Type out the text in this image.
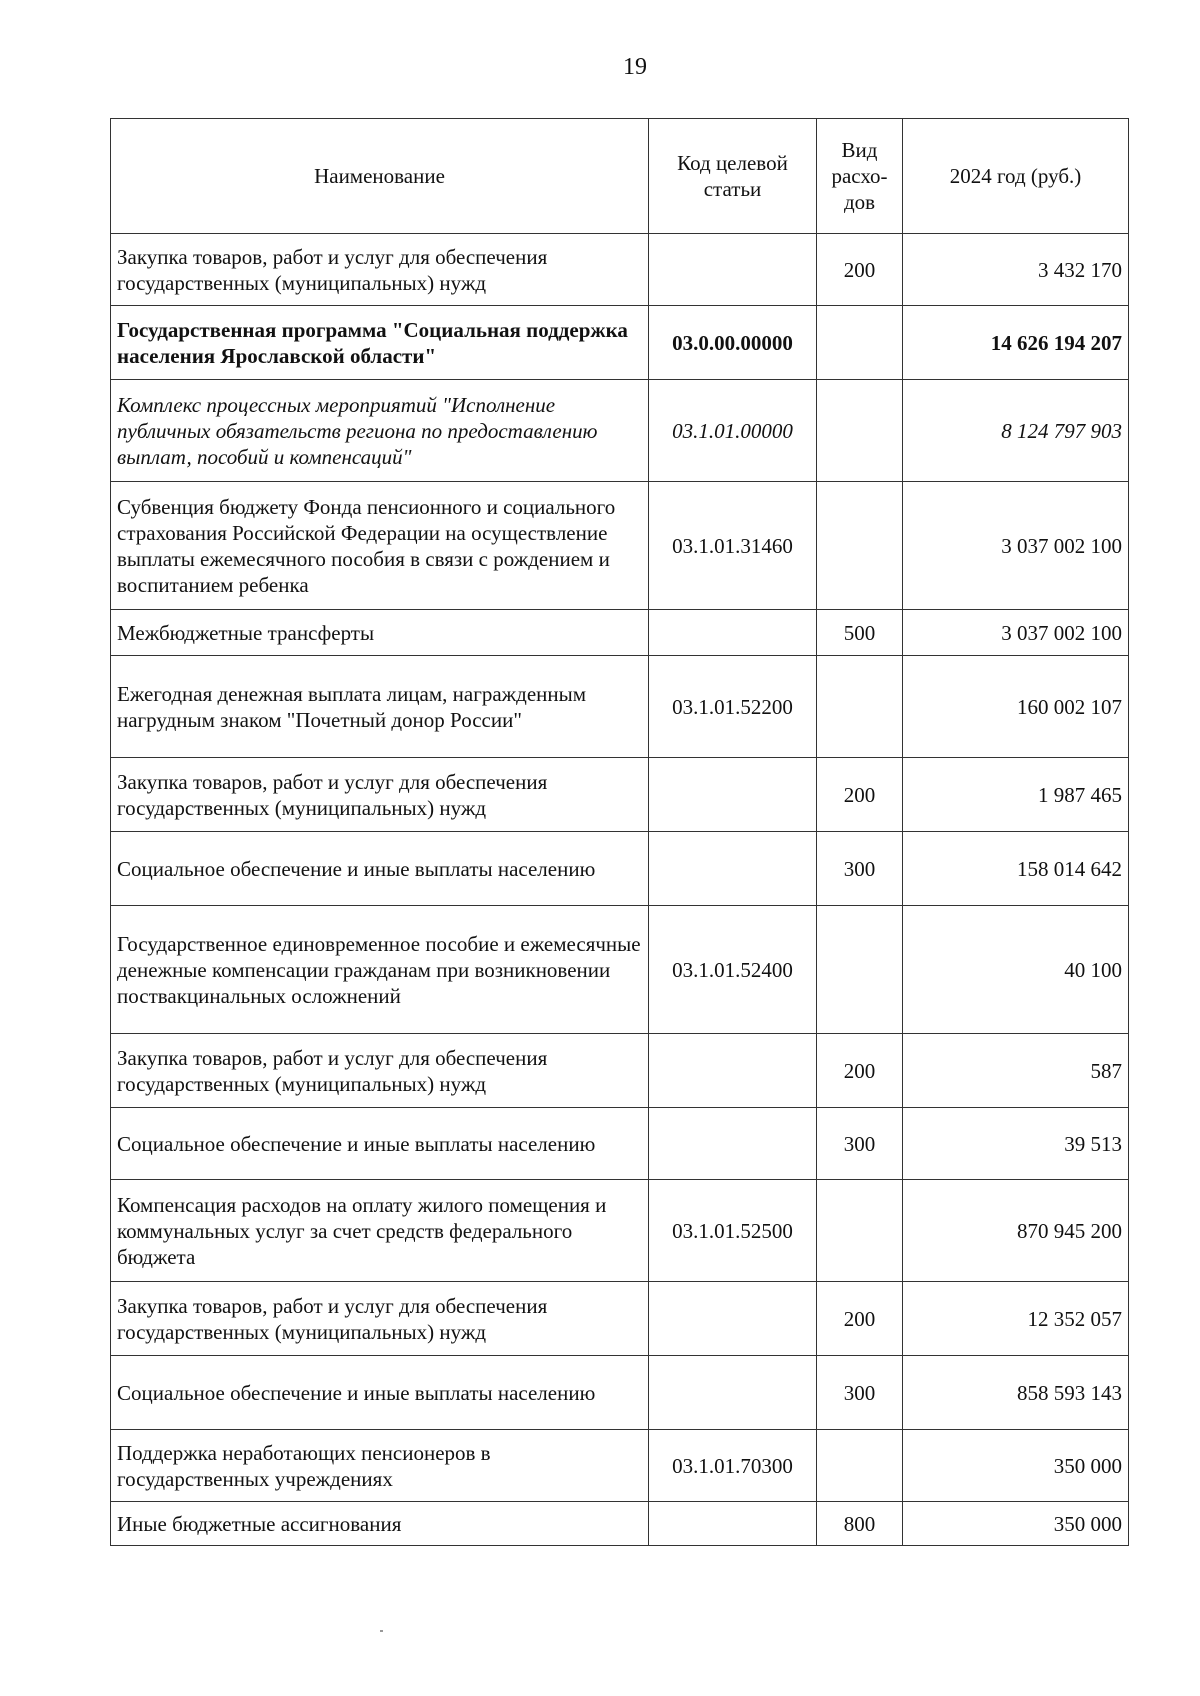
19
Наименование	Код целевой статьи	Вид расхо-дов	2024 год (руб.)
Закупка товаров, работ и услуг для обеспечения государственных (муниципальных) нужд		200	3 432 170
Государственная программа "Социальная поддержка населения Ярославской области"	03.0.00.00000		14 626 194 207
Комплекс процессных мероприятий "Исполнение публичных обязательств региона по предоставлению выплат, пособий и компенсаций"	03.1.01.00000		8 124 797 903
Субвенция бюджету Фонда пенсионного и социального страхования Российской Федерации на осуществление выплаты ежемесячного пособия в связи с рождением и воспитанием ребенка	03.1.01.31460		3 037 002 100
Межбюджетные трансферты		500	3 037 002 100
Ежегодная денежная выплата лицам, награжденным нагрудным знаком "Почетный донор России"	03.1.01.52200		160 002 107
Закупка товаров, работ и услуг для обеспечения государственных (муниципальных) нужд		200	1 987 465
Социальное обеспечение и иные выплаты населению		300	158 014 642
Государственное единовременное пособие и ежемесячные денежные компенсации гражданам при возникновении поствакцинальных осложнений	03.1.01.52400		40 100
Закупка товаров, работ и услуг для обеспечения государственных (муниципальных) нужд		200	587
Социальное обеспечение и иные выплаты населению		300	39 513
Компенсация расходов на оплату жилого помещения и коммунальных услуг за счет средств федерального бюджета	03.1.01.52500		870 945 200
Закупка товаров, работ и услуг для обеспечения государственных (муниципальных) нужд		200	12 352 057
Социальное обеспечение и иные выплаты населению		300	858 593 143
Поддержка неработающих пенсионеров в государственных учреждениях	03.1.01.70300		350 000
Иные бюджетные ассигнования		800	350 000
